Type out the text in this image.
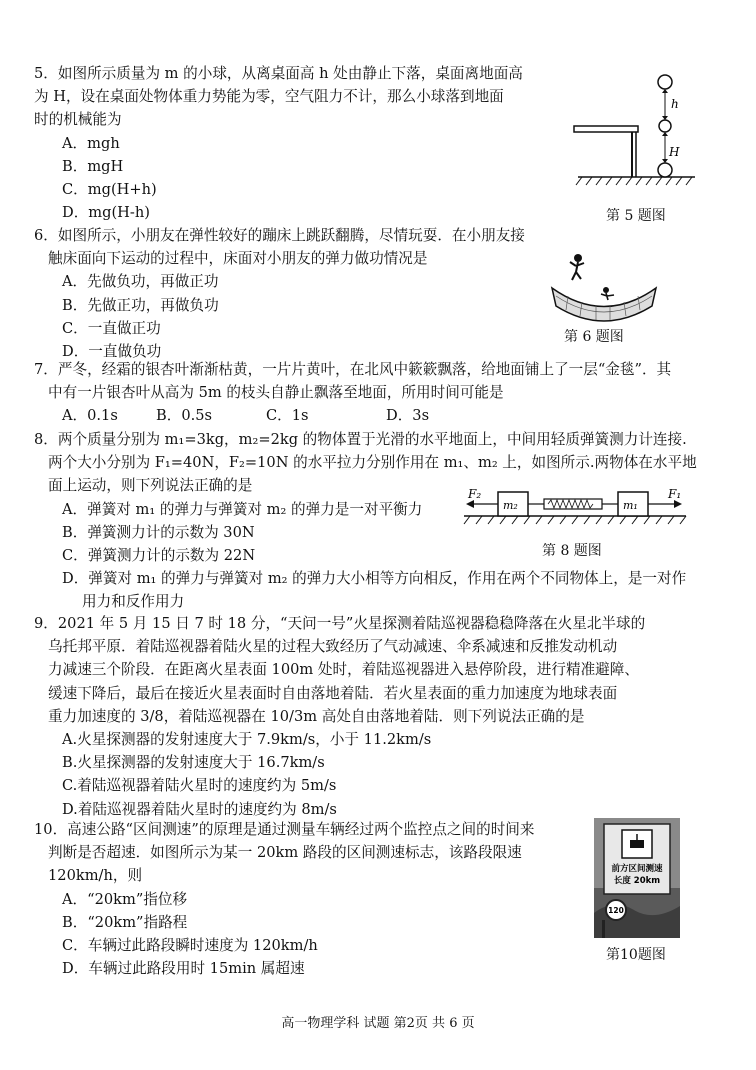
5．如图所示质量为 m 的小球，从离桌面高 h 处由静止下落，桌面离地面高

为 H，设在桌面处物体重力势能为零，空气阻力不计，那么小球落到地面

时的机械能为

A．mgh

B．mgH

C．mg(H+h)

D．mg(H-h)

h
H
第 5 题图

6．如图所示，小朋友在弹性较好的蹦床上跳跃翻腾，尽情玩耍．在小朋友接

触床面向下运动的过程中，床面对小朋友的弹力做功情况是

A．先做负功，再做正功

B．先做正功，再做负功

C．一直做正功

D．一直做负功

第 6 题图

7．严冬，经霜的银杏叶渐渐枯黄，一片片黄叶，在北风中簌簌飘落，给地面铺上了一层“金毯”．其

中有一片银杏叶从高为 5m 的枝头自静止飘落至地面，所用时间可能是

A．0.1s	B．0.5s	C．1s	D．3s

8．两个质量分别为 m₁=3kg，m₂=2kg 的物体置于光滑的水平地面上，中间用轻质弹簧测力计连接.

两个大小分别为 F₁=40N，F₂=10N 的水平拉力分别作用在 m₁、m₂ 上，如图所示.两物体在水平地

面上运动，则下列说法正确的是

A．弹簧对 m₁ 的弹力与弹簧对 m₂ 的弹力是一对平衡力

B．弹簧测力计的示数为 30N

C．弹簧测力计的示数为 22N

D．弹簧对 m₁ 的弹力与弹簧对 m₂ 的弹力大小相等方向相反，作用在两个不同物体上，是一对作

用力和反作用力

F₂	F₁
m₂	m₁
第 8 题图

9．2021 年 5 月 15 日 7 时 18 分，“天问一号”火星探测着陆巡视器稳稳降落在火星北半球的

乌托邦平原．着陆巡视器着陆火星的过程大致经历了气动减速、伞系减速和反推发动机动

力减速三个阶段．在距离火星表面 100m 处时，着陆巡视器进入悬停阶段，进行精准避障、

缓速下降后，最后在接近火星表面时自由落地着陆．若火星表面的重力加速度为地球表面

重力加速度的 3/8，着陆巡视器在 10/3m 高处自由落地着陆．则下列说法正确的是

A.火星探测器的发射速度大于 7.9km/s，小于 11.2km/s

B.火星探测器的发射速度大于 16.7km/s

C.着陆巡视器着陆火星时的速度约为 5m/s

D.着陆巡视器着陆火星时的速度约为 8m/s

10．高速公路“区间测速”的原理是通过测量车辆经过两个监控点之间的时间来

判断是否超速．如图所示为某一 20km 路段的区间测速标志，该路段限速

120km/h，则

A．“20km”指位移

B．“20km”指路程

C．车辆过此路段瞬时速度为 120km/h

D．车辆过此路段用时 15min 属超速

前方区间测速
长度 20km
120
第10题图
高一物理学科 试题 第2页 共 6 页
